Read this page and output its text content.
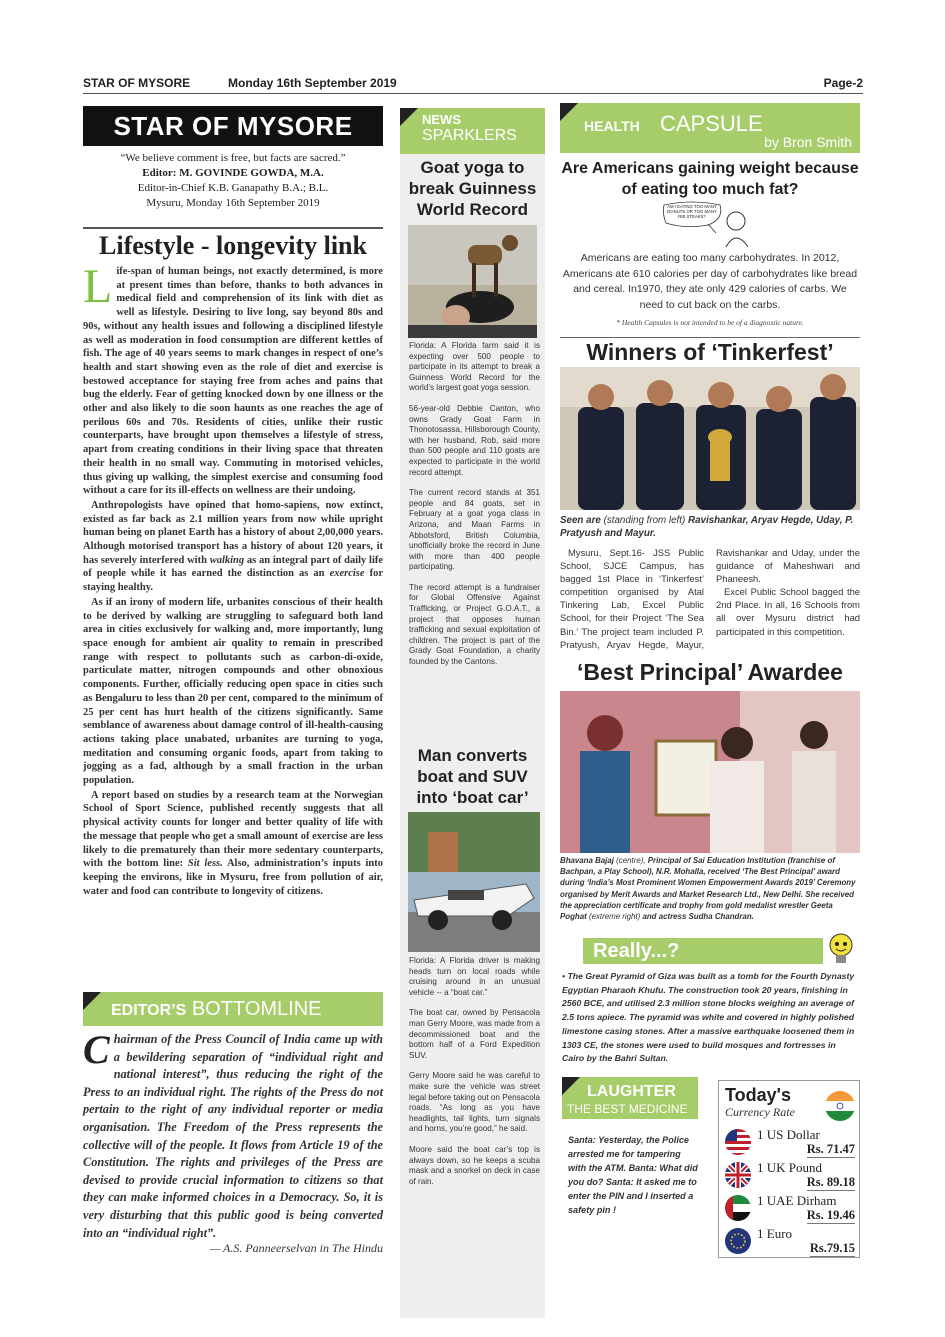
STAR OF MYSORE	Monday 16th September 2019	Page-2
STAR OF MYSORE
“We believe comment is free, but facts are sacred.”
Editor: M. GOVINDE GOWDA, M.A.
Editor-in-Chief K.B. Ganapathy B.A.; B.L.
Mysuru, Monday 16th September 2019
Lifestyle - longevity link

Life-span of human beings, not exactly determined, is more at present times than before, thanks to both advances in medical field and comprehension of its link with diet as well as lifestyle. Desiring to live long, say beyond 80s and 90s, without any health issues and following a disciplined lifestyle as well as moderation in food consumption are different kettles of fish. The age of 40 years seems to mark changes in respect of one’s health and start showing even as the role of diet and exercise is bestowed acceptance for staying free from aches and pains that bug the elderly. Fear of getting knocked down by one illness or the other and also likely to die soon haunts as one reaches the age of perilous 60s and 70s. Residents of cities, unlike their rustic counterparts, have brought upon themselves a lifestyle of stress, apart from creating conditions in their living space that threaten their health in no small way. Commuting in motorised vehicles, thus giving up walking, the simplest exercise and consuming food without a care for its ill-effects on wellness are their undoing.

Anthropologists have opined that homo-sapiens, now extinct, existed as far back as 2.1 million years from now while upright human being on planet Earth has a history of about 2,00,000 years. Although motorised transport has a history of about 120 years, it has severely interfered with walking as an integral part of daily life of people while it has earned the distinction as an exercise for staying healthy.

As if an irony of modern life, urbanites conscious of their health to be derived by walking are struggling to safeguard both land area in cities exclusively for walking and, more importantly, lung space enough for ambient air quality to remain in prescribed range with respect to pollutants such as carbon-di-oxide, particulate matter, nitrogen compounds and other obnoxious components. Further, officially reducing open space in cities such as Bengaluru to less than 20 per cent, compared to the minimum of 25 per cent has hurt health of the citizens significantly. Same semblance of awareness about damage control of ill-health-causing actions taking place unabated, urbanites are turning to yoga, meditation and consuming organic foods, apart from taking to jogging as a fad, although by a small fraction in the urban population.

A report based on studies by a research team at the Norwegian School of Sport Science, published recently suggests that all physical activity counts for longer and better quality of life with the message that people who get a small amount of exercise are less likely to die prematurely than their more sedentary counterparts, with the bottom line: Sit less. Also, administration’s inputs into keeping the environs, like in Mysuru, free from pollution of air, water and food can contribute to longevity of citizens.

EDITOR’S BOTTOMLINE
Chairman of the Press Council of India came up with a bewildering separation of “individual right and national interest”, thus reducing the right of the Press to an individual right. The rights of the Press do not pertain to the right of any individual reporter or media organisation. The Freedom of the Press represents the collective will of the people. It flows from Article 19 of the Constitution. The rights and privileges of the Press are devised to provide crucial information to citizens so that they can make informed choices in a Democracy. So, it is very disturbing that this public good is being converted into an “individual right”.
— A.S. Panneerselvan in The Hindu
NEWS
SPARKLERS
Goat yoga to break Guinness World Record

Florida: A Florida farm said it is expecting over 500 people to participate in its attempt to break a Guinness World Record for the world’s largest goat yoga session.

56-year-old Debbie Canton, who owns Grady Goat Farm in Thonotosassa, Hillsborough County, with her husband, Rob, said more than 500 people and 110 goats are expected to participate in the world record attempt.

The current record stands at 351 people and 84 goats, set in February at a goat yoga class in Arizona, and Maan Farms in Abbotsford, British Columbia, unofficially broke the record in June with more than 400 people participating.

The record attempt is a fundraiser for Global Offensive Against Trafficking, or Project G.O.A.T., a project that opposes human trafficking and sexual exploitation of children. The project is part of the Grady Goat Foundation, a charity founded by the Cantons.

Man converts boat and SUV into ‘boat car’

Florida: A Florida driver is making heads turn on local roads while cruising around in an unusual vehicle -- a “boat car.”

The boat car, owned by Pensacola man Gerry Moore, was made from a decommissioned boat and the bottom half of a Ford Expedition SUV.

Gerry Moore said he was careful to make sure the vehicle was street legal before taking out on Pensacola roads. “As long as you have headlights, tail lights, turn signals and horns, you’re good,” he said.

Moore said the boat car’s top is always down, so he keeps a scuba mask and a snorkel on deck in case of rain.

HEALTH CAPSULE
by Bron Smith
Are Americans gaining weight because of eating too much fat?
AM I EATING TOO MANY DONUTS OR TOO MANY RIB STEAKS?
Americans are eating too many carbohydrates. In 2012, Americans ate 610 calories per day of carbohydrates like bread and cereal. In1970, they ate only 429 calories of carbs. We need to cut back on the carbs.
* Health Capsules is not intended to be of a diagnostic nature.
Winners of ‘Tinkerfest’
Seen are (standing from left) Ravishankar, Aryav Hegde, Uday, P. Pratyush and Mayur.

Mysuru, Sept.16- JSS Public School, SJCE Campus, has bagged 1st Place in ‘Tinkerfest’ competition organised by Atal Tinkering Lab, Excel Public School, for their Project ‘The Sea Bin.’ The project team included P. Pratyush, Aryav Hegde, Mayur, Ravishankar and Uday, under the guidance of Maheshwari and Phaneesh.

Excel Public School bagged the 2nd Place. In all, 16 Schools from all over Mysuru district had participated in this competition.

‘Best Principal’ Awardee
Bhavana Bajaj (centre), Principal of Sai Education Institution (franchise of Bachpan, a Play School), N.R. Mohalla, received ‘The Best Principal’ award during ‘India’s Most Prominent Women Empowerment Awards 2019’ Ceremony organised by Merit Awards and Market Research Ltd., New Delhi. She received the appreciation certificate and trophy from gold medalist wrestler Geeta Poghat (extreme right) and actress Sudha Chandran.
Really...?
• The Great Pyramid of Giza was built as a tomb for the Fourth Dynasty Egyptian Pharaoh Khufu. The construction took 20 years, finishing in 2560 BCE, and utilised 2.3 million stone blocks weighing an average of 2.5 tons apiece. The pyramid was white and covered in highly polished limestone casing stones. After a massive earthquake loosened them in 1303 CE, the stones were used to build mosques and fortresses in Cairo by the Bahri Sultan.
LAUGHTER
THE BEST MEDICINE
Santa: Yesterday, the Police arrested me for tampering with the ATM. Banta: What did you do? Santa: It asked me to enter the PIN and I inserted a safety pin !
Today's
Currency Rate
1 US Dollar
Rs. 71.47
1 UK Pound
Rs. 89.18
1 UAE Dirham
Rs. 19.46
1 Euro
Rs.79.15
